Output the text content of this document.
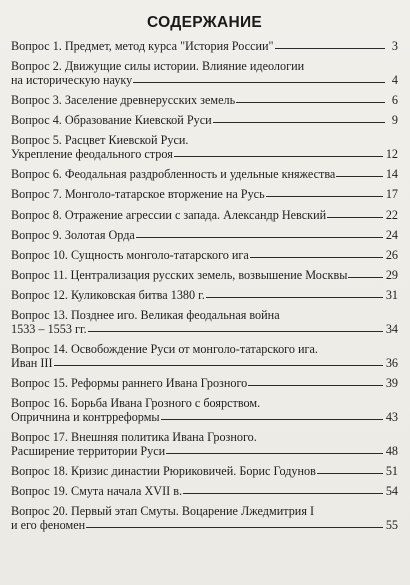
СОДЕРЖАНИЕ
Вопрос 1. Предмет, метод курса "История России"	3
Вопрос 2. Движущие силы истории. Влияние идеологии
на историческую науку	4
Вопрос 3. Заселение древнерусских земель	6
Вопрос 4. Образование Киевской Руси	9
Вопрос 5. Расцвет Киевской Руси.
Укрепление феодального строя	12
Вопрос 6. Феодальная раздробленность и удельные княжества	14
Вопрос 7. Монголо-татарское вторжение на Русь	17
Вопрос 8. Отражение агрессии с запада. Александр Невский	22
Вопрос 9. Золотая Орда	24
Вопрос 10. Сущность монголо-татарского ига	26
Вопрос 11. Централизация русских земель, возвышение Москвы	29
Вопрос 12. Куликовская битва 1380 г.	31
Вопрос 13. Позднее иго. Великая феодальная война
1533 – 1553 гг.	34
Вопрос 14. Освобождение Руси от монголо-татарского ига.
Иван III	36
Вопрос 15. Реформы раннего Ивана Грозного	39
Вопрос 16. Борьба Ивана Грозного с боярством.
Опричнина и контрреформы	43
Вопрос 17. Внешняя политика Ивана Грозного.
Расширение территории Руси	48
Вопрос 18. Кризис династии Рюриковичей. Борис Годунов	51
Вопрос 19. Смута начала XVII в.	54
Вопрос 20. Первый этап Смуты. Воцарение Лжедмитрия I
и его феномен	55
